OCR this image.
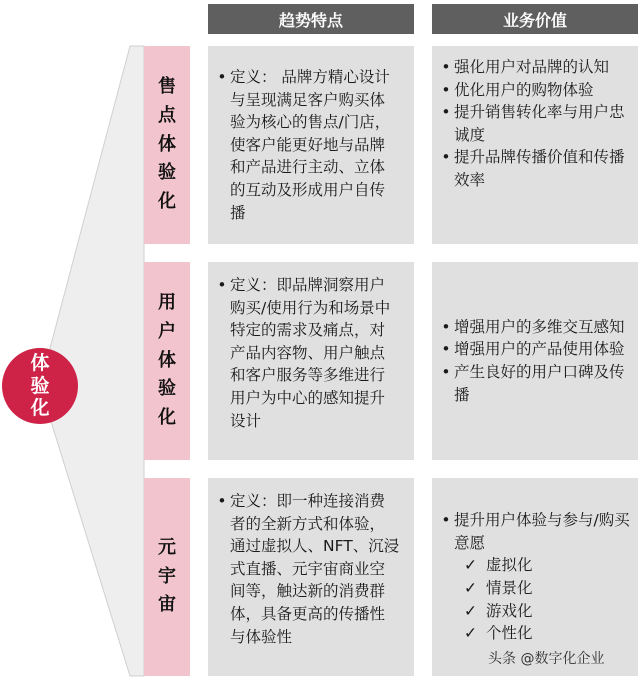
体验化
趋势特点	业务价值
售点体验化
• 定义： 品牌方精心设计与呈现满足客户购买体验为核心的售点/门店，使客户能更好地与品牌和产品进行主动、立体的互动及形成用户自传播
• 强化用户对品牌的认知
• 优化用户的购物体验
• 提升销售转化率与用户忠诚度
• 提升品牌传播价值和传播效率
用户体验化
• 定义：即品牌洞察用户购买/使用行为和场景中特定的需求及痛点，对产品内容物、用户触点和客户服务等多维进行用户为中心的感知提升设计
• 增强用户的多维交互感知
• 增强用户的产品使用体验
• 产生良好的用户口碑及传播
元宇宙
• 定义：即一种连接消费者的全新方式和体验，通过虚拟人、NFT、沉浸式直播、元宇宙商业空间等，触达新的消费群体，具备更高的传播性与体验性
• 提升用户体验与参与/购买意愿
✓ 虚拟化
✓ 情景化
✓ 游戏化
✓ 个性化
头条 @数字化企业
